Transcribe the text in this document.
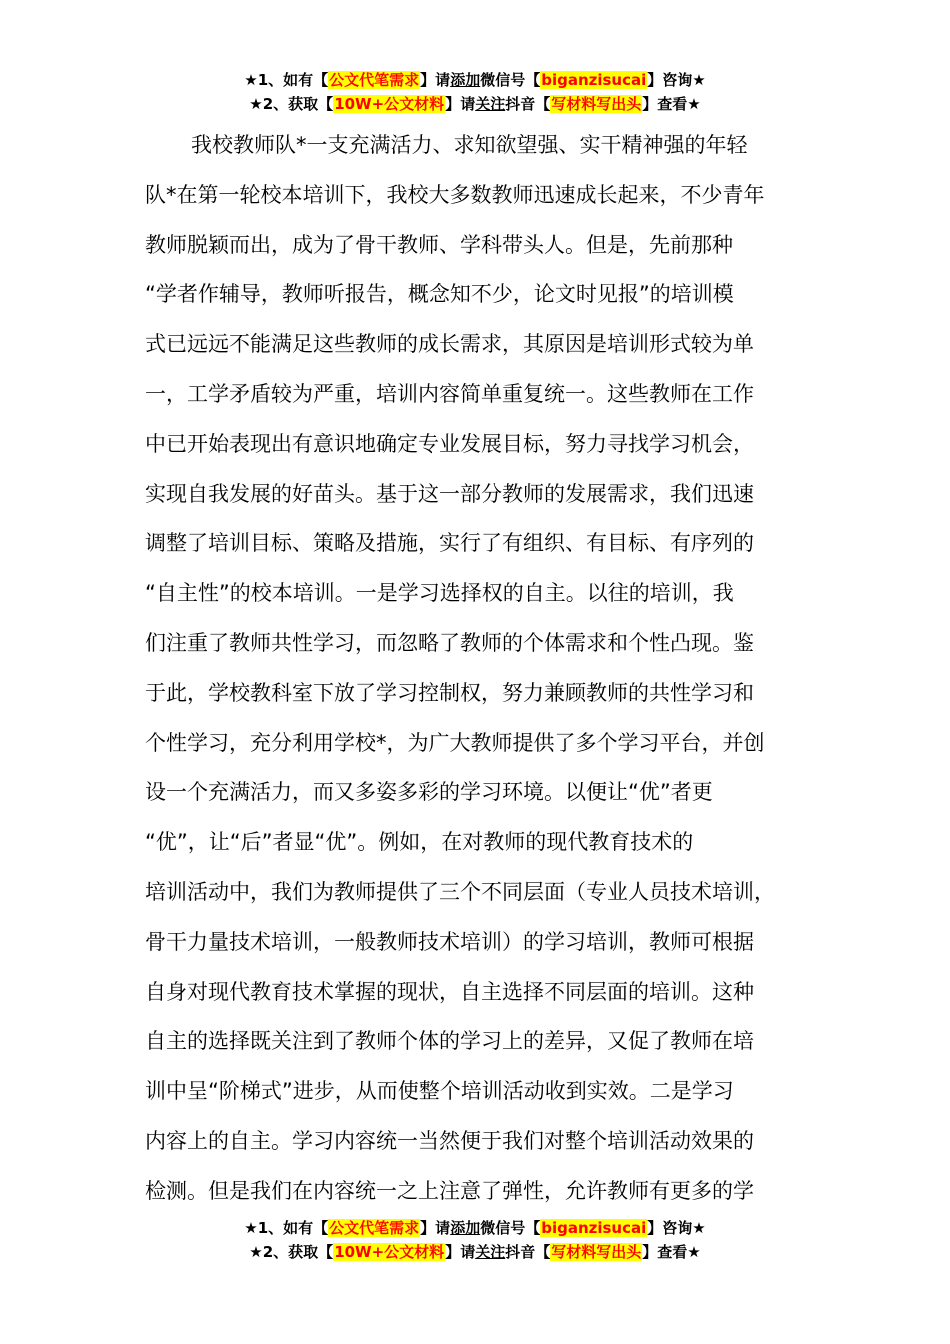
★1、如有【公文代笔需求】请添加微信号【biganzisucai】咨询★
★2、获取【10W+公文材料】请关注抖音【写材料写出头】查看★
我校教师队*一支充满活力、求知欲望强、实干精神强的年轻
队*在第一轮校本培训下，我校大多数教师迅速成长起来，不少青年
教师脱颖而出，成为了骨干教师、学科带头人。但是，先前那种
“学者作辅导，教师听报告，概念知不少，论文时见报”的培训模
式已远远不能满足这些教师的成长需求，其原因是培训形式较为单
一，工学矛盾较为严重，培训内容简单重复统一。这些教师在工作
中已开始表现出有意识地确定专业发展目标，努力寻找学习机会，
实现自我发展的好苗头。基于这一部分教师的发展需求，我们迅速
调整了培训目标、策略及措施，实行了有组织、有目标、有序列的
“自主性”的校本培训。一是学习选择权的自主。以往的培训，我
们注重了教师共性学习，而忽略了教师的个体需求和个性凸现。鉴
于此，学校教科室下放了学习控制权，努力兼顾教师的共性学习和
个性学习，充分利用学校*，为广大教师提供了多个学习平台，并创
设一个充满活力，而又多姿多彩的学习环境。以便让“优”者更
“优”，让“后”者显“优”。例如，在对教师的现代教育技术的
培训活动中，我们为教师提供了三个不同层面（专业人员技术培训，
骨干力量技术培训，一般教师技术培训）的学习培训，教师可根据
自身对现代教育技术掌握的现状，自主选择不同层面的培训。这种
自主的选择既关注到了教师个体的学习上的差异，又促了教师在培
训中呈“阶梯式”进步，从而使整个培训活动收到实效。二是学习
内容上的自主。学习内容统一当然便于我们对整个培训活动效果的
检测。但是我们在内容统一之上注意了弹性，允许教师有更多的学
★1、如有【公文代笔需求】请添加微信号【biganzisucai】咨询★
★2、获取【10W+公文材料】请关注抖音【写材料写出头】查看★
